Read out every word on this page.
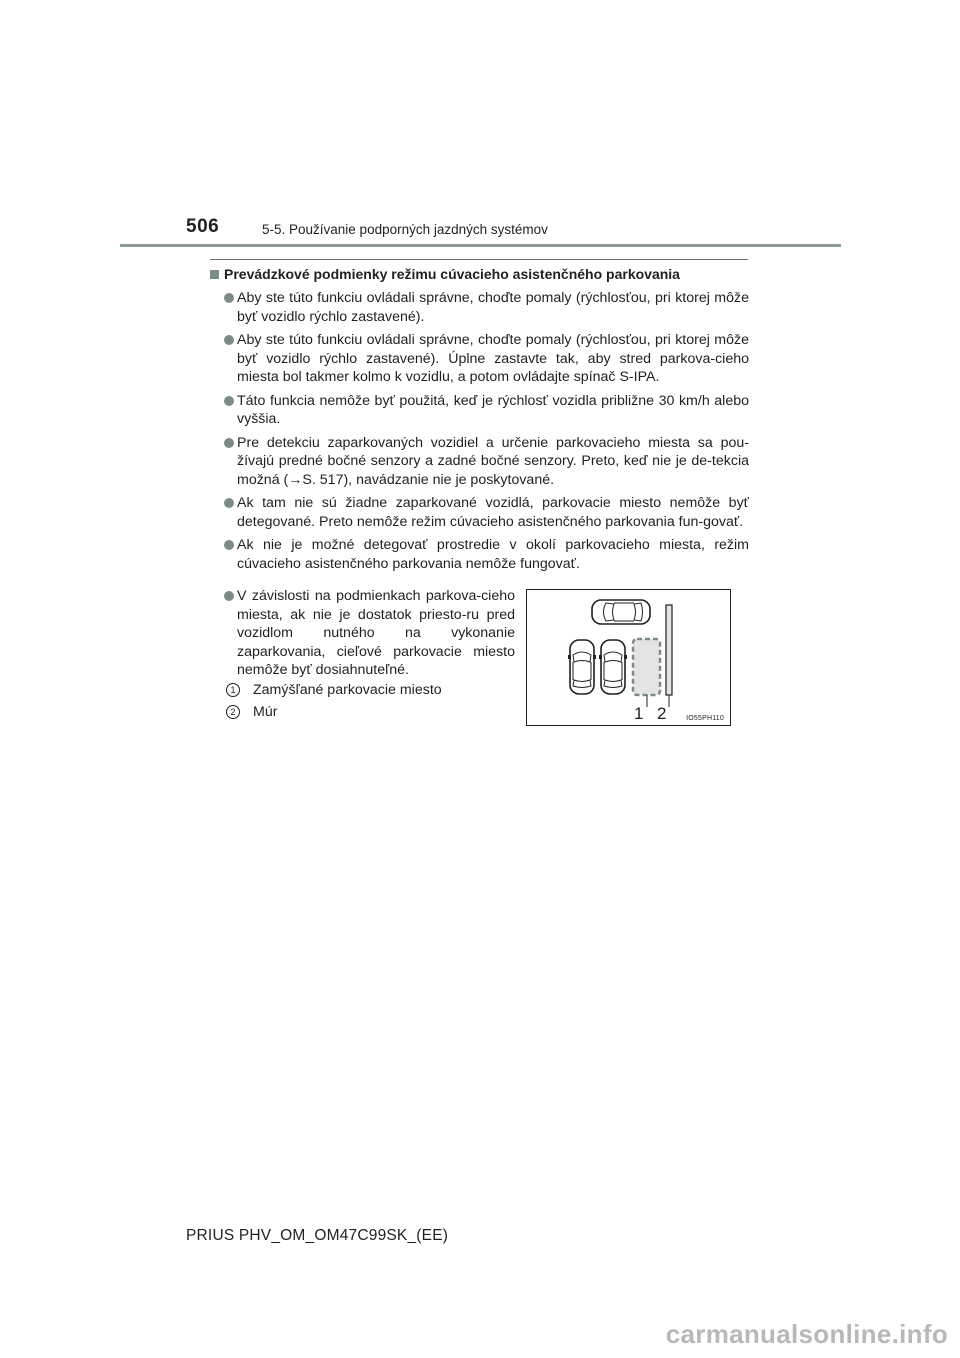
506	5-5. Používanie podporných jazdných systémov
Prevádzkové podmienky režimu cúvacieho asistenčného parkovania
Aby ste túto funkciu ovládali správne, choďte pomaly (rýchlosťou, pri ktorej môže byť vozidlo rýchlo zastavené).
Aby ste túto funkciu ovládali správne, choďte pomaly (rýchlosťou, pri ktorej môže byť vozidlo rýchlo zastavené). Úplne zastavte tak, aby stred parkova-cieho miesta bol takmer kolmo k vozidlu, a potom ovládajte spínač S-IPA.
Táto funkcia nemôže byť použitá, keď je rýchlosť vozidla približne 30 km/h alebo vyššia.
Pre detekciu zaparkovaných vozidiel a určenie parkovacieho miesta sa pou-žívajú predné bočné senzory a zadné bočné senzory. Preto, keď nie je de-tekcia možná (→S. 517), navádzanie nie je poskytované.
Ak tam nie sú žiadne zaparkované vozidlá, parkovacie miesto nemôže byť detegované. Preto nemôže režim cúvacieho asistenčného parkovania fun-govať.
Ak nie je možné detegovať prostredie v okolí parkovacieho miesta, režim cúvacieho asistenčného parkovania nemôže fungovať.
V závislosti na podmienkach parkova-cieho miesta, ak nie je dostatok priesto-ru pred vozidlom nutného na vykonanie zaparkovania, cieľové parkovacie miesto nemôže byť dosiahnuteľné.
1	Zamýšľané parkovacie miesto
2	Múr	1 2	IO55PH110
PRIUS PHV_OM_OM47C99SK_(EE)
carmanualsonline.info
